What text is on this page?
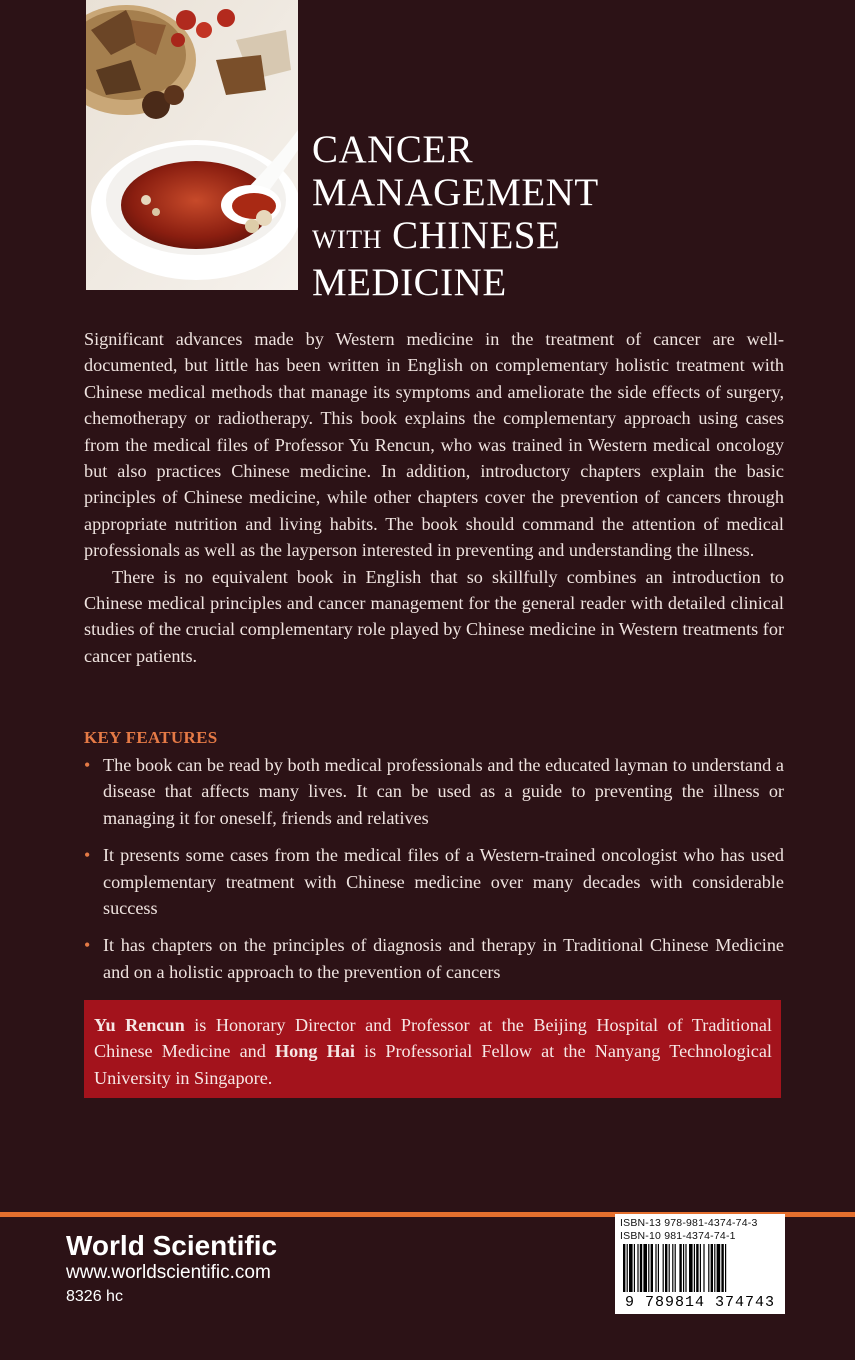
CANCER
MANAGEMENT
WITH CHINESE
MEDICINE

Significant advances made by Western medicine in the treatment of cancer are well-documented, but little has been written in English on complementary holistic treatment with Chinese medical methods that manage its symptoms and ameliorate the side effects of surgery, chemotherapy or radiotherapy. This book explains the complementary approach using cases from the medical files of Professor Yu Rencun, who was trained in Western medical oncology but also practices Chinese medicine. In addition, introductory chapters explain the basic principles of Chinese medicine, while other chapters cover the prevention of cancers through appropriate nutrition and living habits. The book should command the attention of medical professionals as well as the layperson interested in preventing and understanding the illness.

There is no equivalent book in English that so skillfully combines an introduction to Chinese medical principles and cancer management for the general reader with detailed clinical studies of the crucial complementary role played by Chinese medicine in Western treatments for cancer patients.

KEY FEATURES
• The book can be read by both medical professionals and the educated layman to understand a disease that affects many lives. It can be used as a guide to preventing the illness or managing it for oneself, friends and relatives
• It presents some cases from the medical files of a Western-trained oncologist who has used complementary treatment with Chinese medicine over many decades with considerable success
• It has chapters on the principles of diagnosis and therapy in Traditional Chinese Medicine and on a holistic approach to the prevention of cancers
Yu Rencun is Honorary Director and Professor at the Beijing Hospital of Traditional Chinese Medicine and Hong Hai is Professorial Fellow at the Nanyang Technological University in Singapore.
World Scientific
www.worldscientific.com
8326 hc
ISBN-13 978-981-4374-74-3
ISBN-10 981-4374-74-1
9 789814 374743
